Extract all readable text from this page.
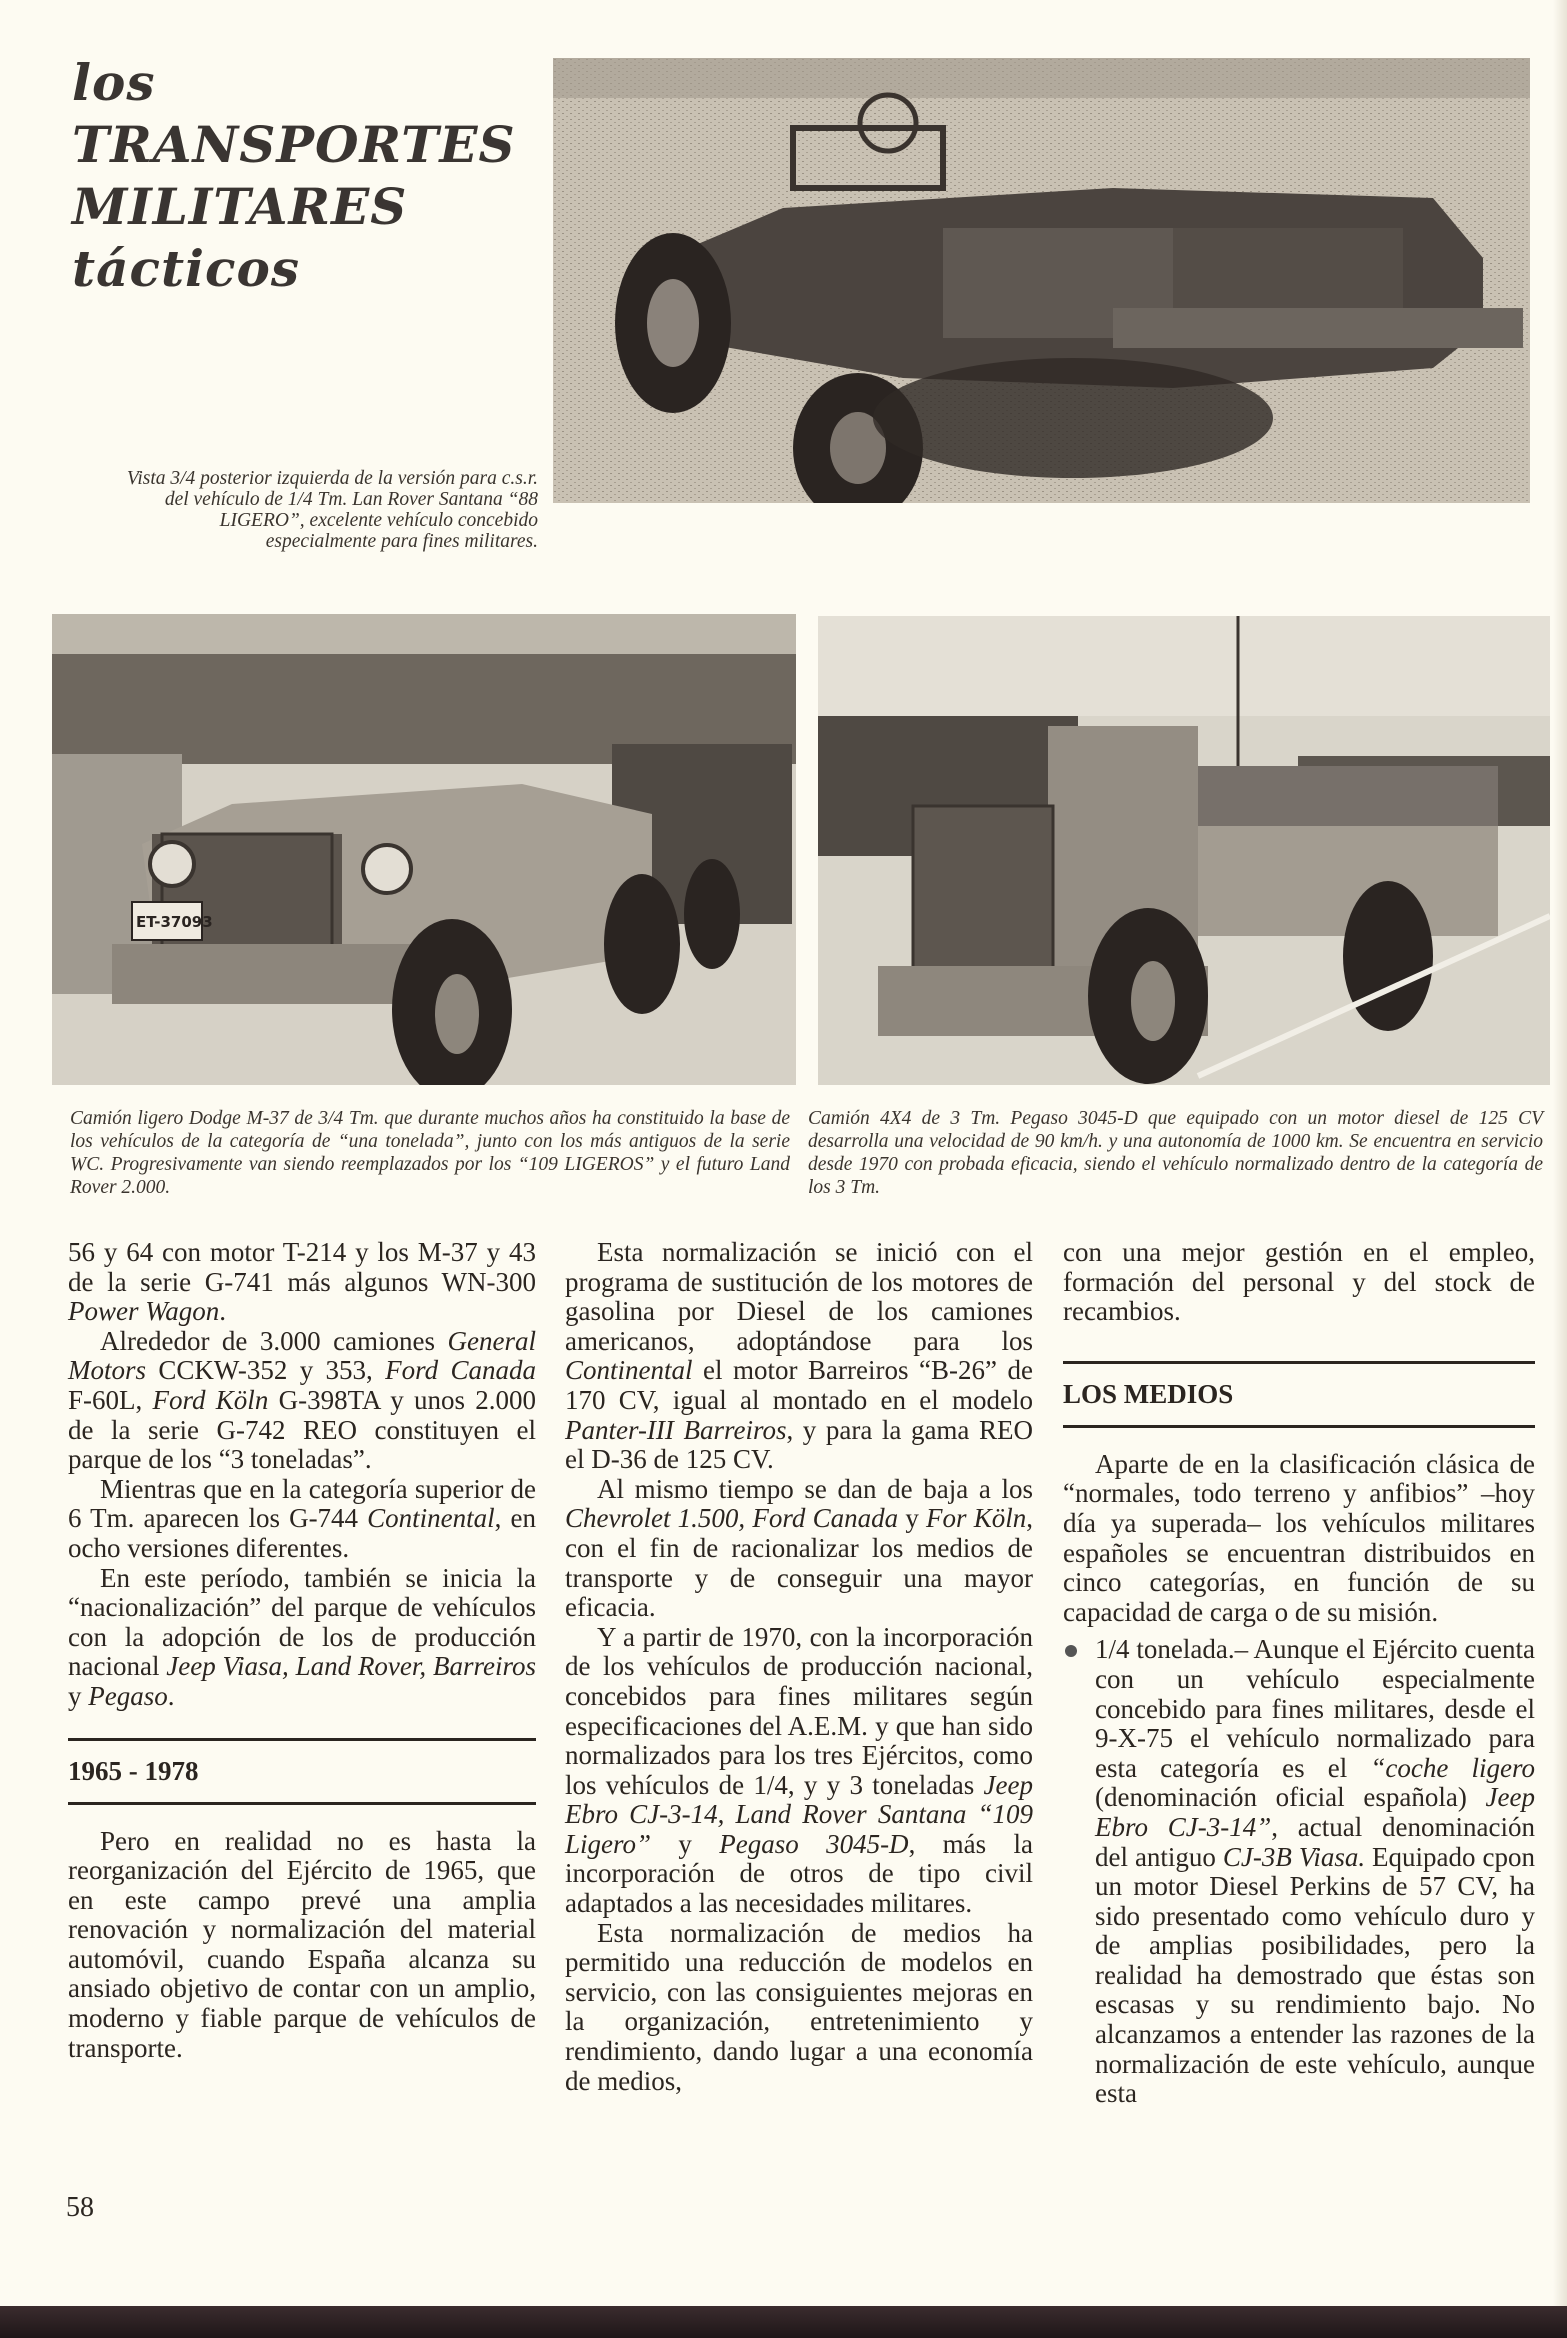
los
TRANSPORTES
MILITARES
tácticos

Vista 3/4 posterior izquierda de la versión para c.s.r. del vehículo de 1/4 Tm. Lan Rover Santana “88 LIGERO”, excelente vehículo concebido especialmente para fines militares.

ET-37093

Camión ligero Dodge M-37 de 3/4 Tm. que durante muchos años ha constituido la base de los vehículos de la categoría de “una tonelada”, junto con los más antiguos de la serie WC. Progresivamente van siendo reemplazados por los “109 LIGEROS” y el futuro Land Rover 2.000.

Camión 4X4 de 3 Tm. Pegaso 3045-D que equipado con un motor diesel de 125 CV desarrolla una velocidad de 90 km/h. y una autonomía de 1000 km. Se encuentra en servicio desde 1970 con probada eficacia, siendo el vehículo normalizado dentro de la categoría de los 3 Tm.

56 y 64 con motor T-214 y los M-37 y 43 de la serie G-741 más algunos WN-300 Power Wagon.

Alrededor de 3.000 camiones General Motors CCKW-352 y 353, Ford Canada F-60L, Ford Köln G-398TA y unos 2.000 de la serie G-742 REO constituyen el parque de los “3 toneladas”.

Mientras que en la categoría superior de 6 Tm. aparecen los G-744 Continental, en ocho versiones diferentes.

En este período, también se inicia la “nacionalización” del parque de vehículos con la adopción de los de producción nacional Jeep Viasa, Land Rover, Barreiros y Pegaso.

1965 - 1978

Pero en realidad no es hasta la reorganización del Ejército de 1965, que en este campo prevé una amplia renovación y normalización del material automóvil, cuando España alcanza su ansiado objetivo de contar con un amplio, moderno y fiable parque de vehículos de transporte.

Esta normalización se inició con el programa de sustitución de los motores de gasolina por Diesel de los camiones americanos, adoptándose para los Continental el motor Barreiros “B-26” de 170 CV, igual al montado en el modelo Panter-III Barreiros, y para la gama REO el D-36 de 125 CV.

Al mismo tiempo se dan de baja a los Chevrolet 1.500, Ford Canada y For Köln, con el fin de racionalizar los medios de transporte y de conseguir una mayor eficacia.

Y a partir de 1970, con la incorporación de los vehículos de producción nacional, concebidos para fines militares según especificaciones del A.E.M. y que han sido normalizados para los tres Ejércitos, como los vehículos de 1/4, y y 3 toneladas Jeep Ebro CJ-3-14, Land Rover Santana “109 Ligero” y Pegaso 3045-D, más la incorporación de otros de tipo civil adaptados a las necesidades militares.

Esta normalización de medios ha permitido una reducción de modelos en servicio, con las consiguientes mejoras en la organización, entretenimiento y rendimiento, dando lugar a una economía de medios,

con una mejor gestión en el empleo, formación del personal y del stock de recambios.

LOS MEDIOS

Aparte de en la clasificación clásica de “normales, todo terreno y anfibios” –hoy día ya superada– los vehículos militares españoles se encuentran distribuidos en cinco categorías, en función de su capacidad de carga o de su misión.

1/4 tonelada.– Aunque el Ejército cuenta con un vehículo especialmente concebido para fines militares, desde el 9-X-75 el vehículo normalizado para esta categoría es el “coche ligero (denominación oficial española) Jeep Ebro CJ-3-14”, actual denominación del antiguo CJ-3B Viasa. Equipado cpon un motor Diesel Perkins de 57 CV, ha sido presentado como vehículo duro y de amplias posibilidades, pero la realidad ha demostrado que éstas son escasas y su rendimiento bajo. No alcanzamos a entender las razones de la normalización de este vehículo, aunque esta

58
